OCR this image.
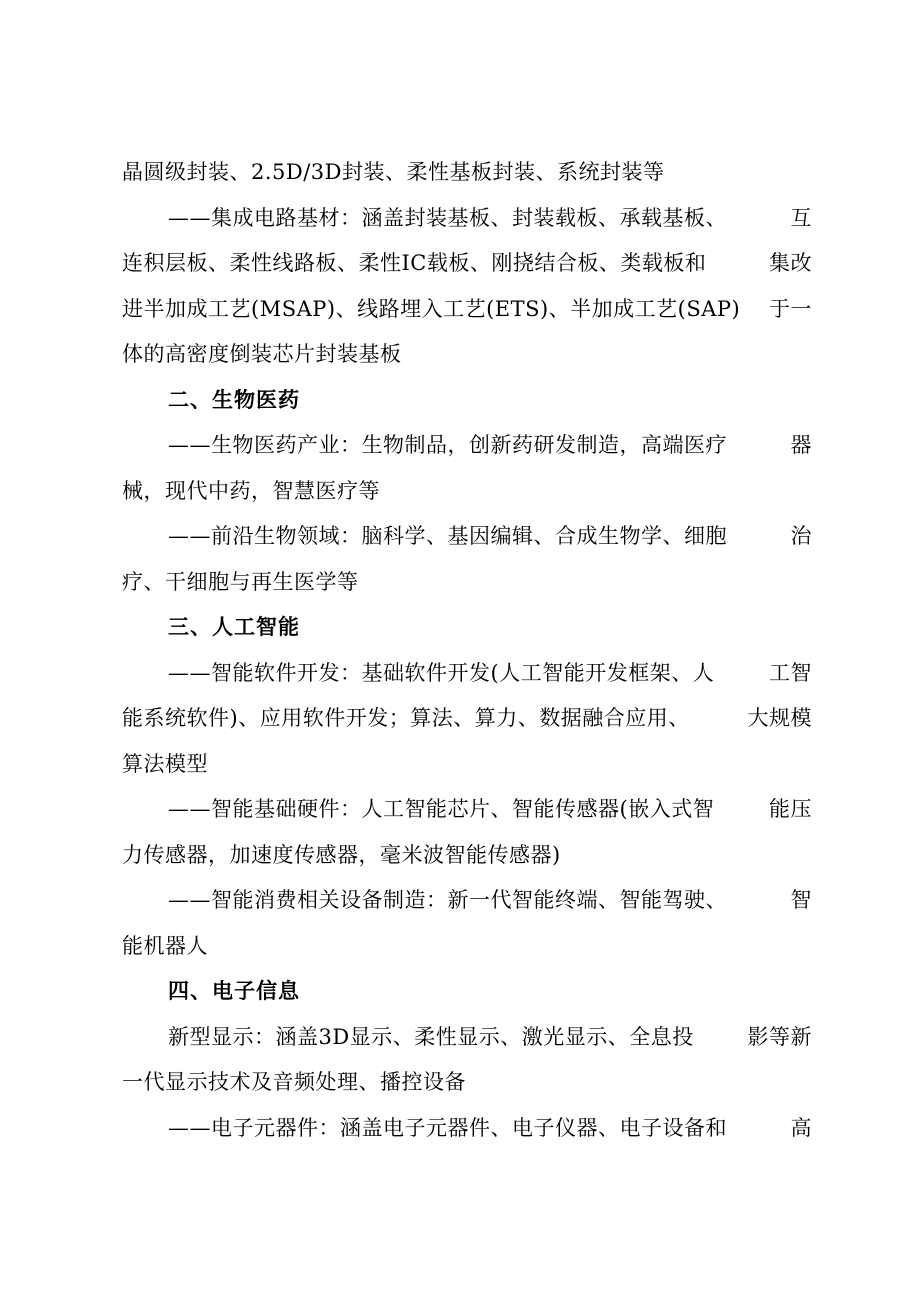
晶圆级封装、2.5D/3D封装、柔性基板封装、系统封装等
——集成电路基材：涵盖封装基板、封装载板、承载基板、	互
连积层板、柔性线路板、柔性IC载板、刚挠结合板、类载板和	集改
进半加成工艺(MSAP)、线路埋入工艺(ETS)、半加成工艺(SAP) 于一
体的高密度倒装芯片封装基板
二、生物医药
——生物医药产业：生物制品，创新药研发制造，高端医疗	器
械，现代中药，智慧医疗等
——前沿生物领域：脑科学、基因编辑、合成生物学、细胞	治
疗、干细胞与再生医学等
三、人工智能
——智能软件开发：基础软件开发(人工智能开发框架、人	工智
能系统软件)、应用软件开发；算法、算力、数据融合应用、	大规模
算法模型
——智能基础硬件：人工智能芯片、智能传感器(嵌入式智	能压
力传感器，加速度传感器，毫米波智能传感器)
——智能消费相关设备制造：新一代智能终端、智能驾驶、	智
能机器人
四、电子信息
新型显示：涵盖3D显示、柔性显示、激光显示、全息投	影等新
一代显示技术及音频处理、播控设备
——电子元器件：涵盖电子元器件、电子仪器、电子设备和	高
